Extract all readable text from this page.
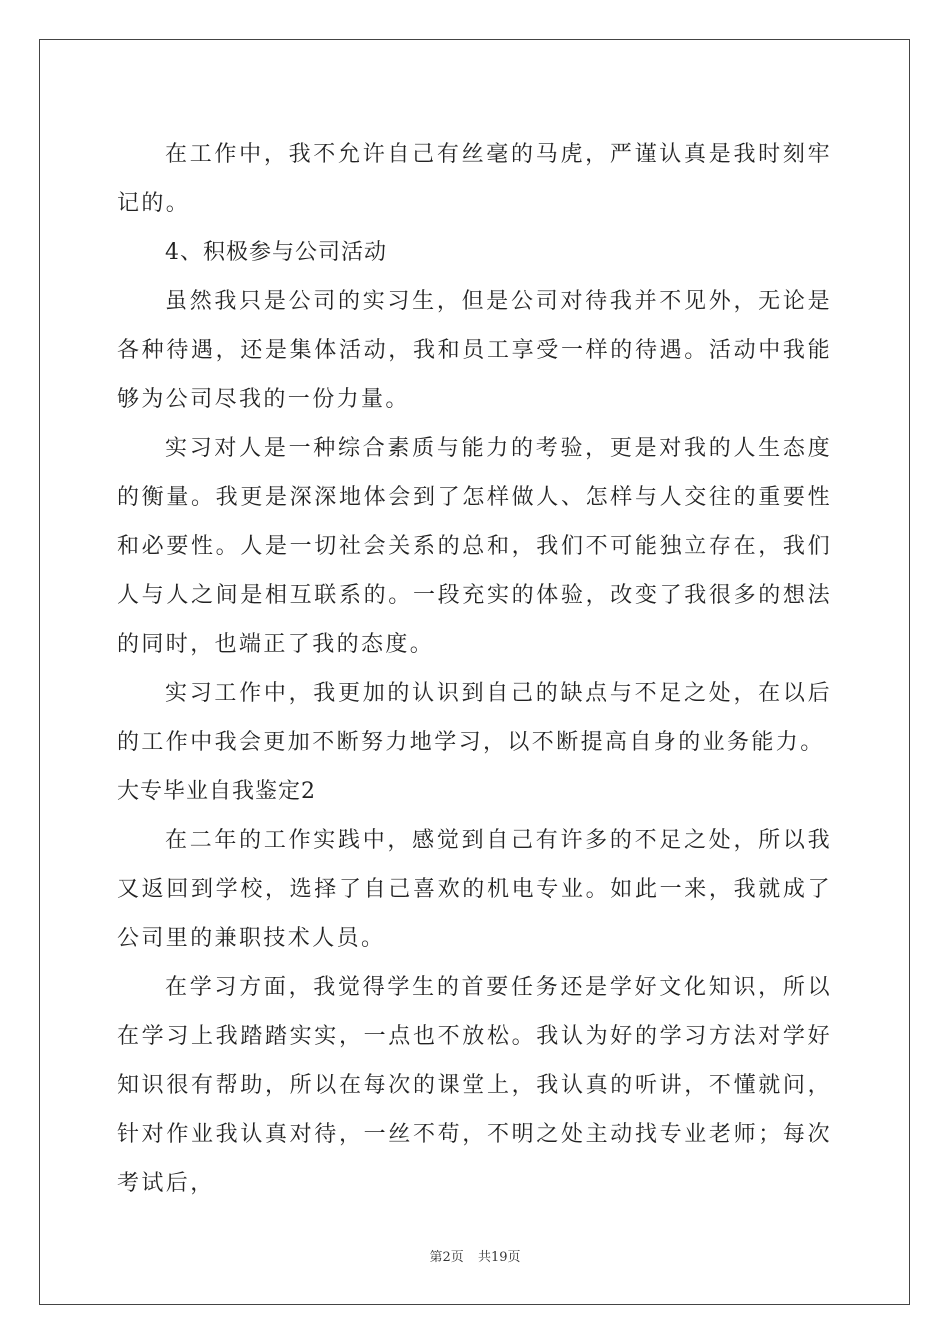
在工作中，我不允许自己有丝毫的马虎，严谨认真是我时刻牢记的。

4、积极参与公司活动

虽然我只是公司的实习生，但是公司对待我并不见外，无论是各种待遇，还是集体活动，我和员工享受一样的待遇。活动中我能够为公司尽我的一份力量。

实习对人是一种综合素质与能力的考验，更是对我的人生态度的衡量。我更是深深地体会到了怎样做人、怎样与人交往的重要性和必要性。人是一切社会关系的总和，我们不可能独立存在，我们人与人之间是相互联系的。一段充实的体验，改变了我很多的想法的同时，也端正了我的态度。

实习工作中，我更加的认识到自己的缺点与不足之处，在以后的工作中我会更加不断努力地学习，以不断提高自身的业务能力。

大专毕业自我鉴定2

在二年的工作实践中，感觉到自己有许多的不足之处，所以我又返回到学校，选择了自己喜欢的机电专业。如此一来，我就成了公司里的兼职技术人员。

在学习方面，我觉得学生的首要任务还是学好文化知识，所以在学习上我踏踏实实，一点也不放松。我认为好的学习方法对学好知识很有帮助，所以在每次的课堂上，我认真的听讲，不懂就问，针对作业我认真对待，一丝不苟，不明之处主动找专业老师；每次考试后，

第2页 共19页
